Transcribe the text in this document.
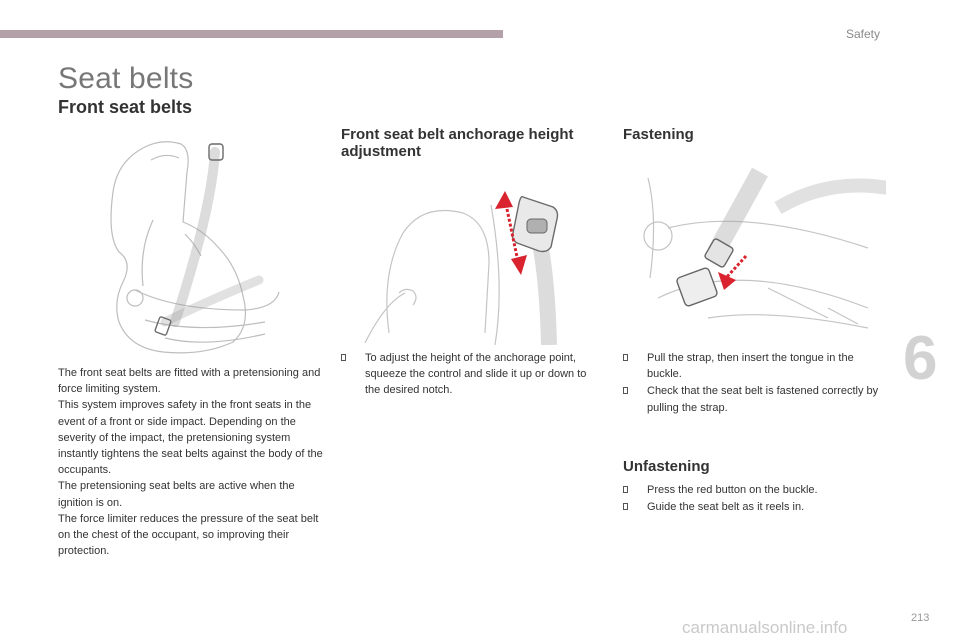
Safety
Seat belts
Front seat belts
Front seat belt anchorage height adjustment
Fastening
Unfastening

The front seat belts are fitted with a pretensioning and force limiting system.

This system improves safety in the front seats in the event of a front or side impact. Depending on the severity of the impact, the pretensioning system instantly tightens the seat belts against the body of the occupants.

The pretensioning seat belts are active when the ignition is on.

The force limiter reduces the pressure of the seat belt on the chest of the occupant, so improving their protection.

To adjust the height of the anchorage point, squeeze the control and slide it up or down to the desired notch.
Pull the strap, then insert the tongue in the buckle.
Check that the seat belt is fastened correctly by pulling the strap.
Press the red button on the buckle.
Guide the seat belt as it reels in.
6
213
carmanualsonline.info
